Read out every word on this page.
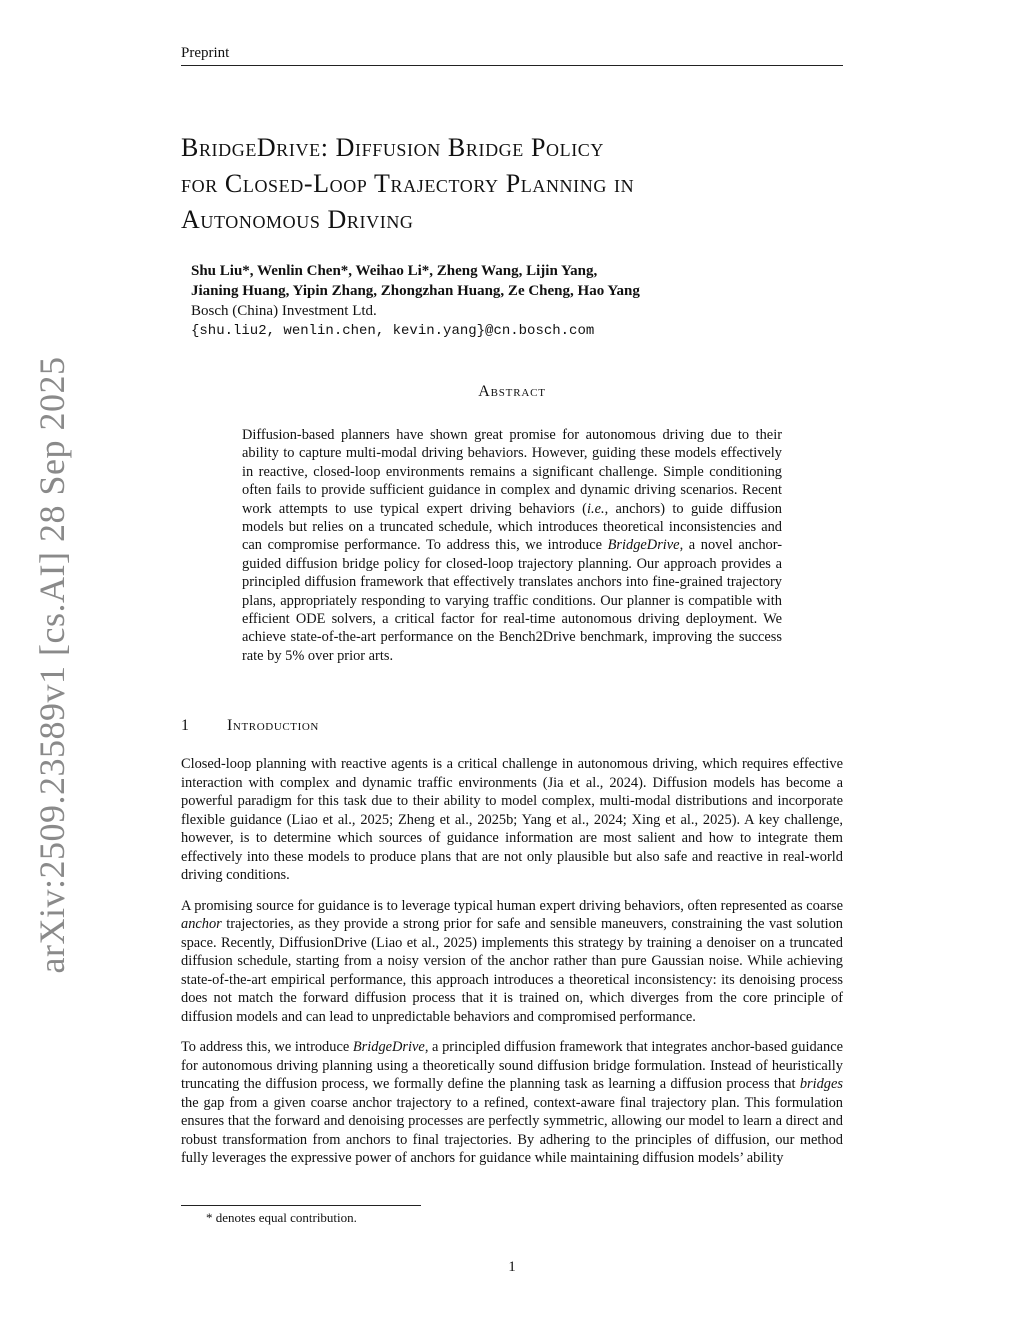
Preprint
arXiv:2509.23589v1 [cs.AI] 28 Sep 2025
BridgeDrive: Diffusion Bridge Policy
for Closed-Loop Trajectory Planning in
Autonomous Driving
Shu Liu*, Wenlin Chen*, Weihao Li*, Zheng Wang, Lijin Yang,
Jianing Huang, Yipin Zhang, Zhongzhan Huang, Ze Cheng, Hao Yang
Bosch (China) Investment Ltd.
{shu.liu2, wenlin.chen, kevin.yang}@cn.bosch.com
Abstract

Diffusion-based planners have shown great promise for autonomous driving due to their ability to capture multi-modal driving behaviors. However, guiding these models effectively in reactive, closed-loop environments remains a significant challenge. Simple conditioning often fails to provide sufficient guidance in complex and dynamic driving scenarios. Recent work attempts to use typical expert driving behaviors (i.e., anchors) to guide diffusion models but relies on a truncated schedule, which introduces theoretical inconsistencies and can compromise performance. To address this, we introduce BridgeDrive, a novel anchor-guided diffusion bridge policy for closed-loop trajectory planning. Our approach provides a principled diffusion framework that effectively translates anchors into fine-grained trajectory plans, appropriately responding to varying traffic conditions. Our planner is compatible with efficient ODE solvers, a critical factor for real-time autonomous driving deployment. We achieve state-of-the-art performance on the Bench2Drive benchmark, improving the success rate by 5% over prior arts.

1 Introduction

Closed-loop planning with reactive agents is a critical challenge in autonomous driving, which requires effective interaction with complex and dynamic traffic environments (Jia et al., 2024). Diffusion models has become a powerful paradigm for this task due to their ability to model complex, multi-modal distributions and incorporate flexible guidance (Liao et al., 2025; Zheng et al., 2025b; Yang et al., 2024; Xing et al., 2025). A key challenge, however, is to determine which sources of guidance information are most salient and how to integrate them effectively into these models to produce plans that are not only plausible but also safe and reactive in real-world driving conditions.

A promising source for guidance is to leverage typical human expert driving behaviors, often represented as coarse anchor trajectories, as they provide a strong prior for safe and sensible maneuvers, constraining the vast solution space. Recently, DiffusionDrive (Liao et al., 2025) implements this strategy by training a denoiser on a truncated diffusion schedule, starting from a noisy version of the anchor rather than pure Gaussian noise. While achieving state-of-the-art empirical performance, this approach introduces a theoretical inconsistency: its denoising process does not match the forward diffusion process that it is trained on, which diverges from the core principle of diffusion models and can lead to unpredictable behaviors and compromised performance.

To address this, we introduce BridgeDrive, a principled diffusion framework that integrates anchor-based guidance for autonomous driving planning using a theoretically sound diffusion bridge formulation. Instead of heuristically truncating the diffusion process, we formally define the planning task as learning a diffusion process that bridges the gap from a given coarse anchor trajectory to a refined, context-aware final trajectory plan. This formulation ensures that the forward and denoising processes are perfectly symmetric, allowing our model to learn a direct and robust transformation from anchors to final trajectories. By adhering to the principles of diffusion, our method fully leverages the expressive power of anchors for guidance while maintaining diffusion models’ ability

* denotes equal contribution.
1
